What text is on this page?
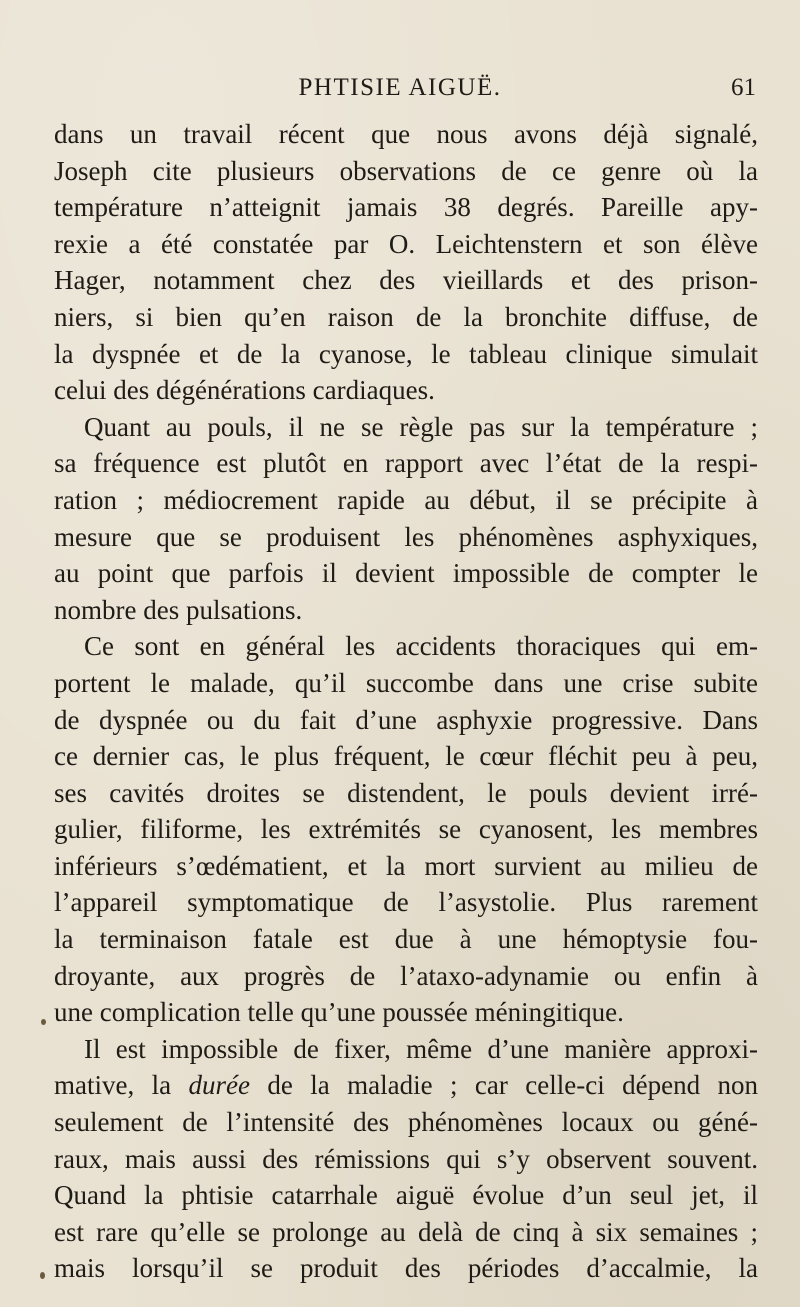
PHTISIE AIGUË.	61
dans un travail récent que nous avons déjà signalé,
Joseph cite plusieurs observations de ce genre où la
température n’atteignit jamais 38 degrés. Pareille apy-
rexie a été constatée par O. Leichtenstern et son élève
Hager, notamment chez des vieillards et des prison-
niers, si bien qu’en raison de la bronchite diffuse, de
la dyspnée et de la cyanose, le tableau clinique simulait
celui des dégénérations cardiaques.
Quant au pouls, il ne se règle pas sur la température ;
sa fréquence est plutôt en rapport avec l’état de la respi-
ration ; médiocrement rapide au début, il se précipite à
mesure que se produisent les phénomènes asphyxiques,
au point que parfois il devient impossible de compter le
nombre des pulsations.
Ce sont en général les accidents thoraciques qui em-
portent le malade, qu’il succombe dans une crise subite
de dyspnée ou du fait d’une asphyxie progressive. Dans
ce dernier cas, le plus fréquent, le cœur fléchit peu à peu,
ses cavités droites se distendent, le pouls devient irré-
gulier, filiforme, les extrémités se cyanosent, les membres
inférieurs s’œdématient, et la mort survient au milieu de
l’appareil symptomatique de l’asystolie. Plus rarement
la terminaison fatale est due à une hémoptysie fou-
droyante, aux progrès de l’ataxo-adynamie ou enfin à
une complication telle qu’une poussée méningitique.
Il est impossible de fixer, même d’une manière approxi-
mative, la durée de la maladie ; car celle-ci dépend non
seulement de l’intensité des phénomènes locaux ou géné-
raux, mais aussi des rémissions qui s’y observent souvent.
Quand la phtisie catarrhale aiguë évolue d’un seul jet, il
est rare qu’elle se prolonge au delà de cinq à six semaines ;
mais lorsqu’il se produit des périodes d’accalmie, la
